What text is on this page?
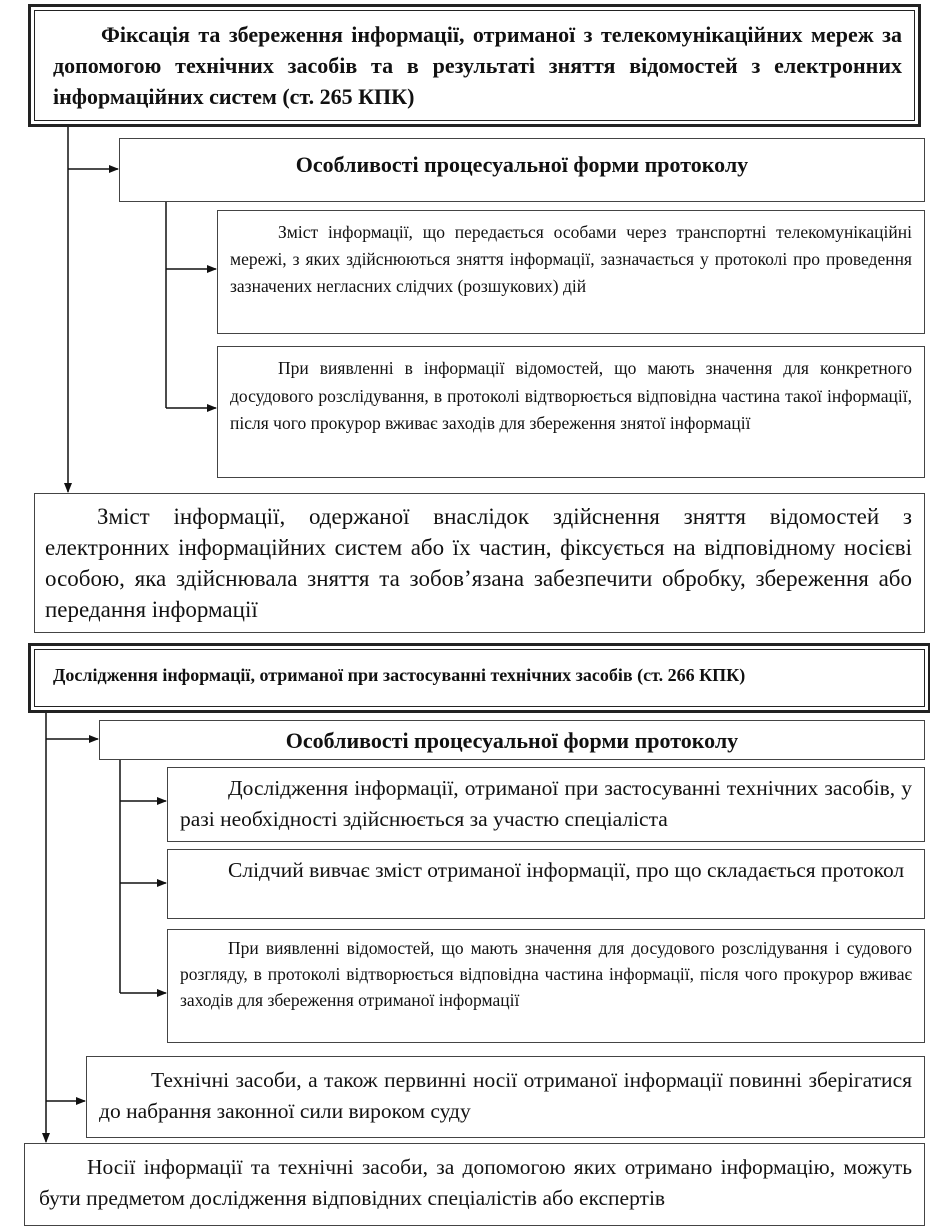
Фіксація та збереження інформації, отриманої з телекомунікаційних мереж за допомогою технічних засобів та в результаті зняття відомостей з електронних інформаційних систем (ст. 265 КПК)
Особливості процесуальної форми протоколу
Зміст інформації, що передається особами через транспортні телекомунікаційні мережі, з яких здійснюються зняття інформації, зазначається у протоколі про проведення зазначених негласних слідчих (розшукових) дій
При виявленні в інформації відомостей, що мають значення для конкретного досудового розслідування, в протоколі відтворюється відповідна частина такої інформації, після чого прокурор вживає заходів для збереження знятої інформації
Зміст інформації, одержаної внаслідок здійснення зняття відомостей з електронних інформаційних систем або їх частин, фіксується на відповідному носієві особою, яка здійснювала зняття та зобов’язана забезпечити обробку, збереження або передання інформації
Дослідження інформації, отриманої при застосуванні технічних засобів (ст. 266 КПК)
Особливості процесуальної форми протоколу
Дослідження інформації, отриманої при застосуванні технічних засобів, у разі необхідності здійснюється за участю спеціаліста
Слідчий вивчає зміст отриманої інформації, про що складається протокол
При виявленні відомостей, що мають значення для досудового розслідування і судового розгляду, в протоколі відтворюється відповідна частина інформації, після чого прокурор вживає заходів для збереження отриманої інформації
Технічні засоби, а також первинні носії отриманої інформації повинні зберігатися до набрання законної сили вироком суду
Носії інформації та технічні засоби, за допомогою яких отримано інформацію, можуть бути предметом дослідження відповідних спеціалістів або експертів
